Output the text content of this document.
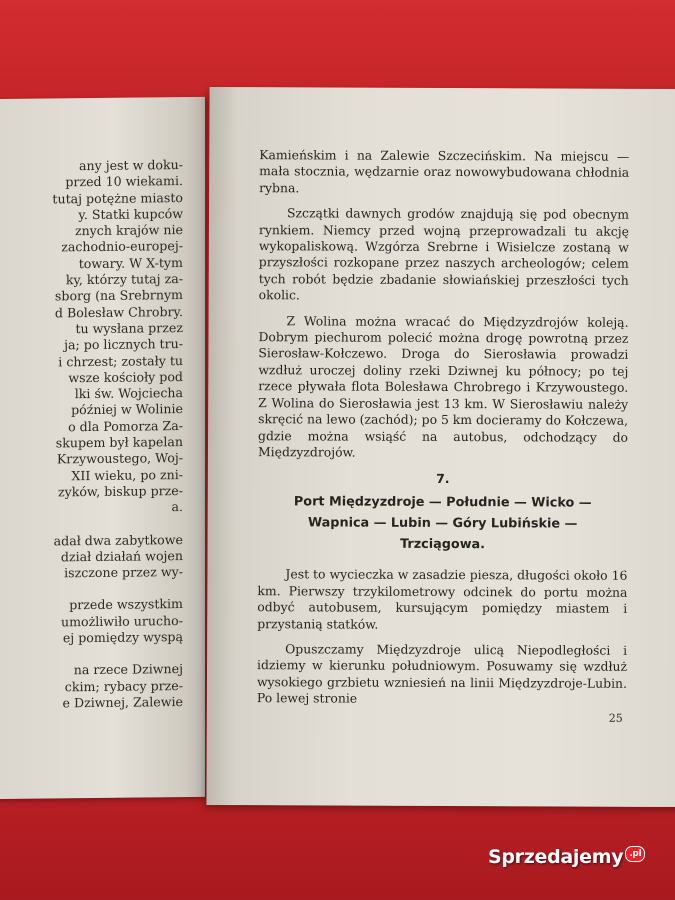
any jest w doku-
przed 10 wiekami.
tutaj potężne miasto
y. Statki kupców
znych krajów nie
zachodnio-europej-
towary. W X-tym
ky, którzy tutaj za-
sborg (na Srebrnym
d Bolesław Chrobry.
tu wysłana przez
ja; po licznych tru-
i chrzest; zostały tu
wsze kościoły pod
lki św. Wojciecha
później w Wolinie
o dla Pomorza Za-
skupem był kapelan
Krzywoustego, Woj-
XII wieku, po zni-
zyków, biskup prze-
a.
adał dwa zabytkowe
dział działań wojen
iszczone przez wy-
przede wszystkim
umożliwiło urucho-
ej pomiędzy wyspą
na rzece Dziwnej
ckim; rybacy prze-
e Dziwnej, Zalewie

Kamieńskim i na Zalewie Szczecińskim. Na miejscu — mała stocznia, wędzarnie oraz nowowybudowana chłodnia rybna.

Szczątki dawnych grodów znajdują się pod obecnym rynkiem. Niemcy przed wojną przeprowadzali tu akcję wykopaliskową. Wzgórza Srebrne i Wisielcze zostaną w przyszłości rozkopane przez naszych archeologów; celem tych robót będzie zbadanie słowiańskiej przeszłości tych okolic.

Z Wolina można wracać do Międzyzdrojów koleją. Dobrym piechurom polecić można drogę powrotną przez Sierosław-Kołczewo. Droga do Sierosławia prowadzi wzdłuż uroczej doliny rzeki Dziwnej ku północy; po tej rzece pływała flota Bolesława Chrobrego i Krzywoustego. Z Wolina do Sierosławia jest 13 km. W Sierosławiu należy skręcić na lewo (zachód); po 5 km docieramy do Kołczewa, gdzie można wsiąść na autobus, odchodzący do Międzyzdrojów.

7.
Port Międzyzdroje — Południe — Wicko —
Wapnica — Lubin — Góry Lubińskie —
Trzciągowa.

Jest to wycieczka w zasadzie piesza, długości około 16 km. Pierwszy trzykilometrowy odcinek do portu można odbyć autobusem, kursującym pomiędzy miastem i przystanią statków.

Opuszczamy Międzyzdroje ulicą Niepodległości i idziemy w kierunku południowym. Posuwamy się wzdłuż wysokiego grzbietu wzniesień na linii Międzyzdroje-Lubin. Po lewej stronie

25
Sprzedajemy .pl
